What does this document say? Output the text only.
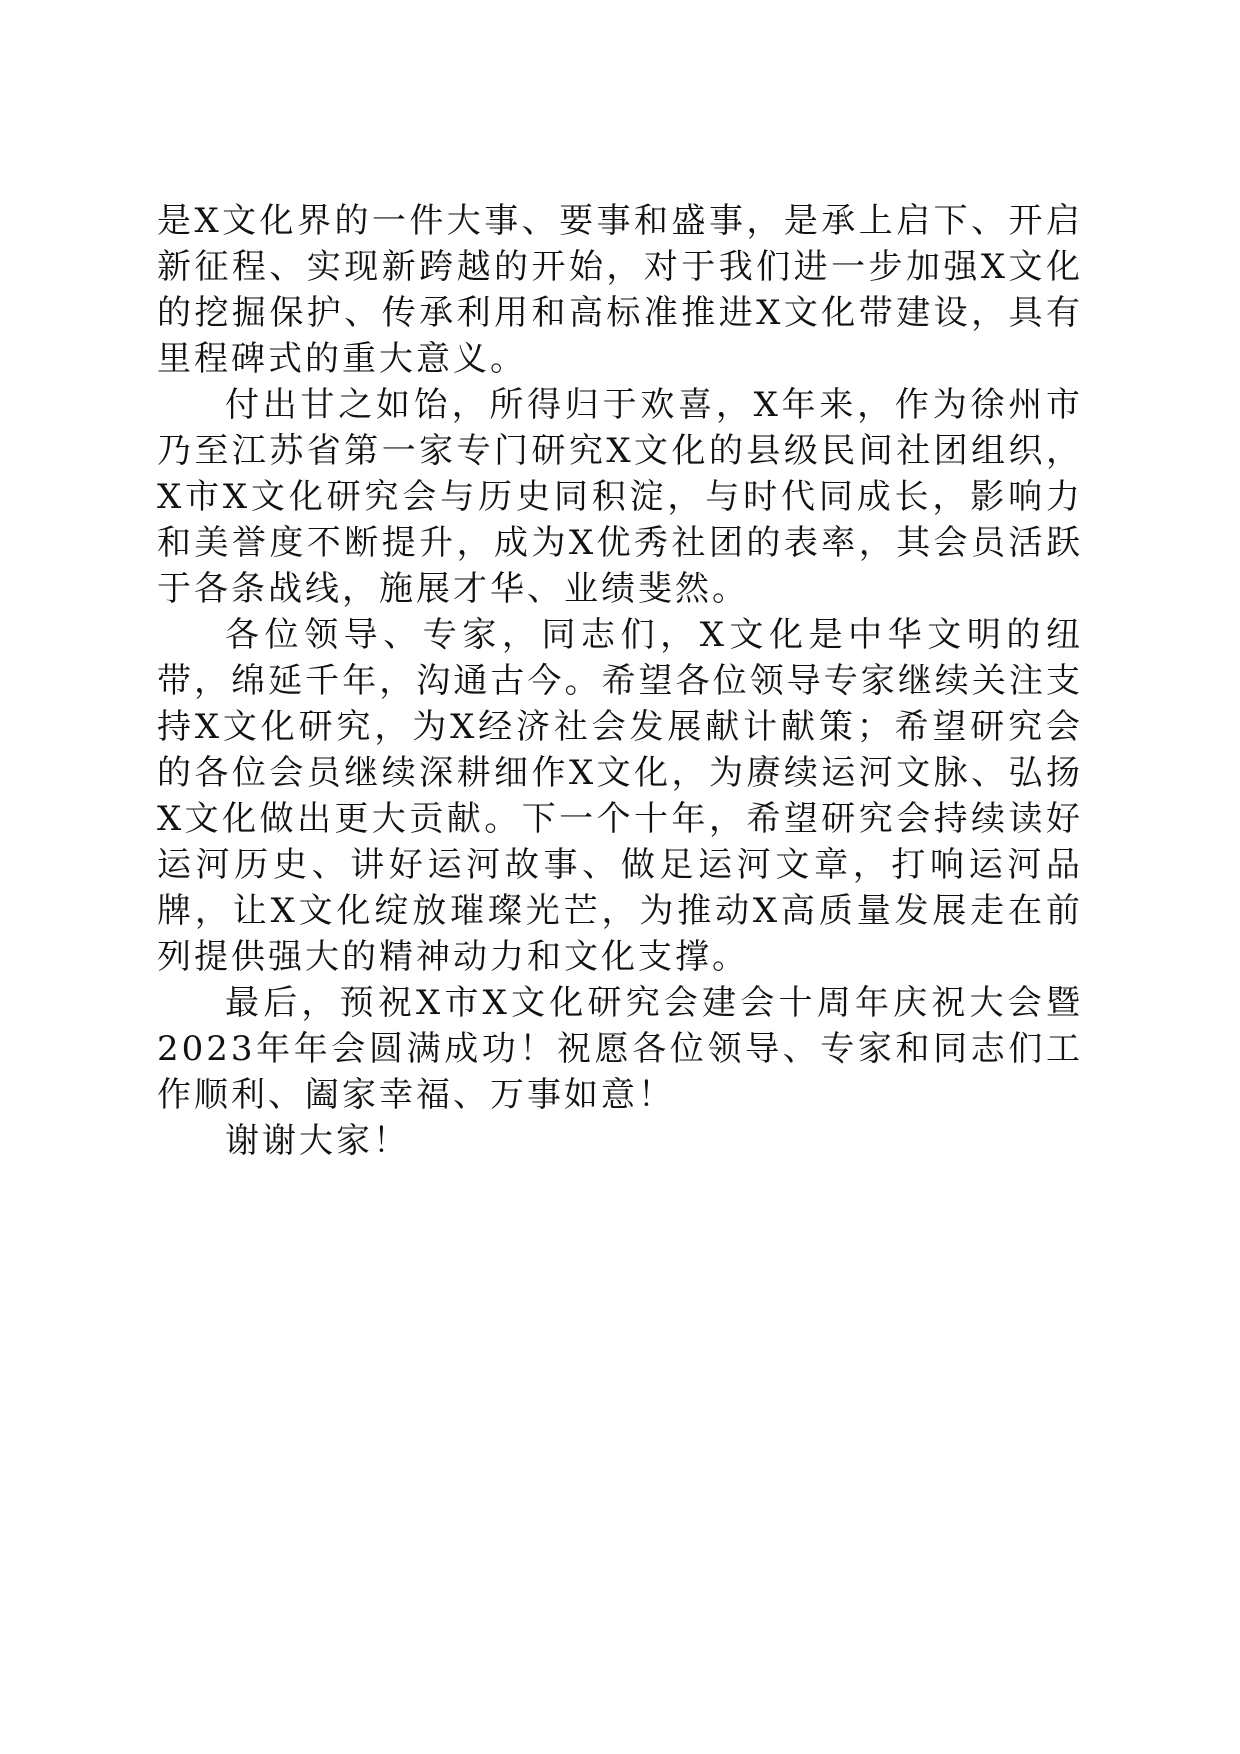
是X文化界的一件大事、要事和盛事，是承上启下、开启新征程、实现新跨越的开始，对于我们进一步加强X文化的挖掘保护、传承利用和高标准推进X文化带建设，具有里程碑式的重大意义。

付出甘之如饴，所得归于欢喜，X年来，作为徐州市乃至江苏省第一家专门研究X文化的县级民间社团组织，X市X文化研究会与历史同积淀，与时代同成长，影响力和美誉度不断提升，成为X优秀社团的表率，其会员活跃于各条战线，施展才华、业绩斐然。

各位领导、专家，同志们，X文化是中华文明的纽带，绵延千年，沟通古今。希望各位领导专家继续关注支持X文化研究，为X经济社会发展献计献策；希望研究会的各位会员继续深耕细作X文化，为赓续运河文脉、弘扬X文化做出更大贡献。下一个十年，希望研究会持续读好运河历史、讲好运河故事、做足运河文章，打响运河品牌，让X文化绽放璀璨光芒，为推动X高质量发展走在前列提供强大的精神动力和文化支撑。

最后，预祝X市X文化研究会建会十周年庆祝大会暨2023年年会圆满成功！祝愿各位领导、专家和同志们工作顺利、阖家幸福、万事如意！

谢谢大家！
